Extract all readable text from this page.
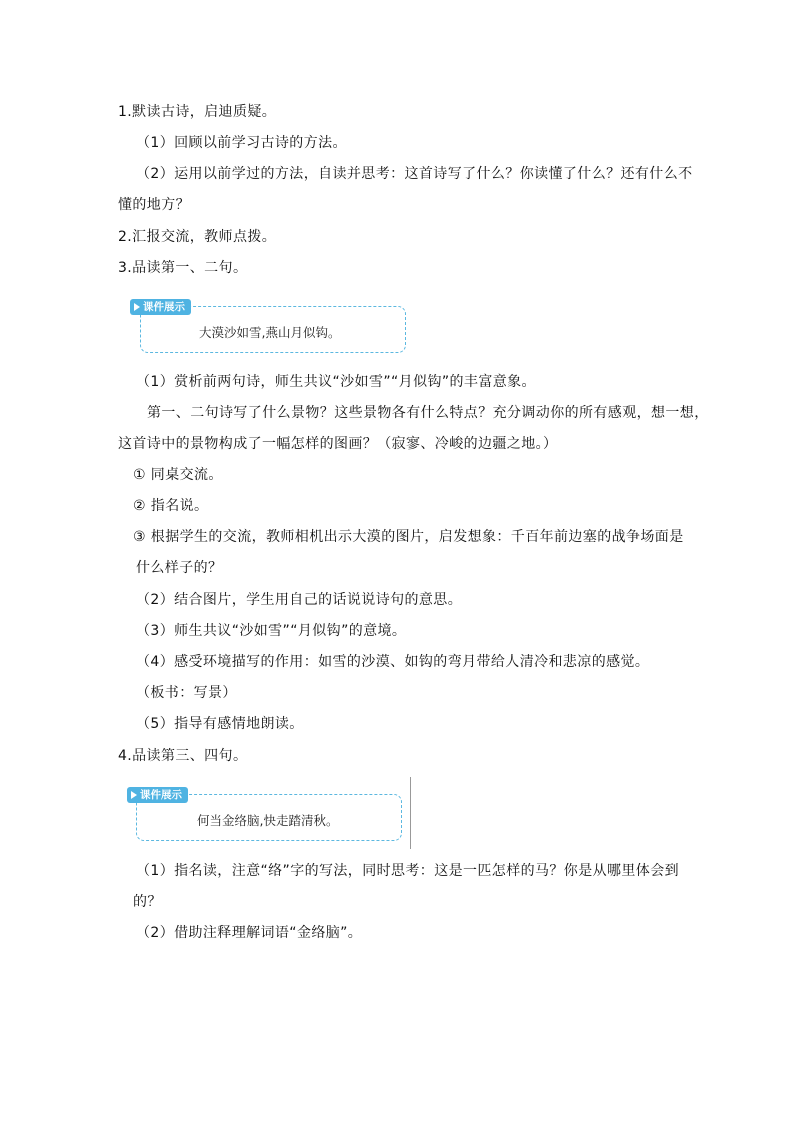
1.默读古诗，启迪质疑。
（1）回顾以前学习古诗的方法。
（2）运用以前学过的方法，自读并思考：这首诗写了什么？你读懂了什么？还有什么不
懂的地方？
2.汇报交流，教师点拨。
3.品读第一、二句。
课件展示
大漠沙如雪,燕山月似钩。
（1）赏析前两句诗，师生共议“沙如雪”“月似钩”的丰富意象。
第一、二句诗写了什么景物？这些景物各有什么特点？充分调动你的所有感观，想一想，
这首诗中的景物构成了一幅怎样的图画？（寂寥、冷峻的边疆之地。）
① 同桌交流。
② 指名说。
③ 根据学生的交流，教师相机出示大漠的图片，启发想象：千百年前边塞的战争场面是
什么样子的？
（2）结合图片，学生用自己的话说说诗句的意思。
（3）师生共议“沙如雪”“月似钩”的意境。
（4）感受环境描写的作用：如雪的沙漠、如钩的弯月带给人清冷和悲凉的感觉。
（板书：写景）
（5）指导有感情地朗读。
4.品读第三、四句。
课件展示
何当金络脑,快走踏清秋。
（1）指名读，注意“络”字的写法，同时思考：这是一匹怎样的马？你是从哪里体会到
的？
（2）借助注释理解词语“金络脑”。
